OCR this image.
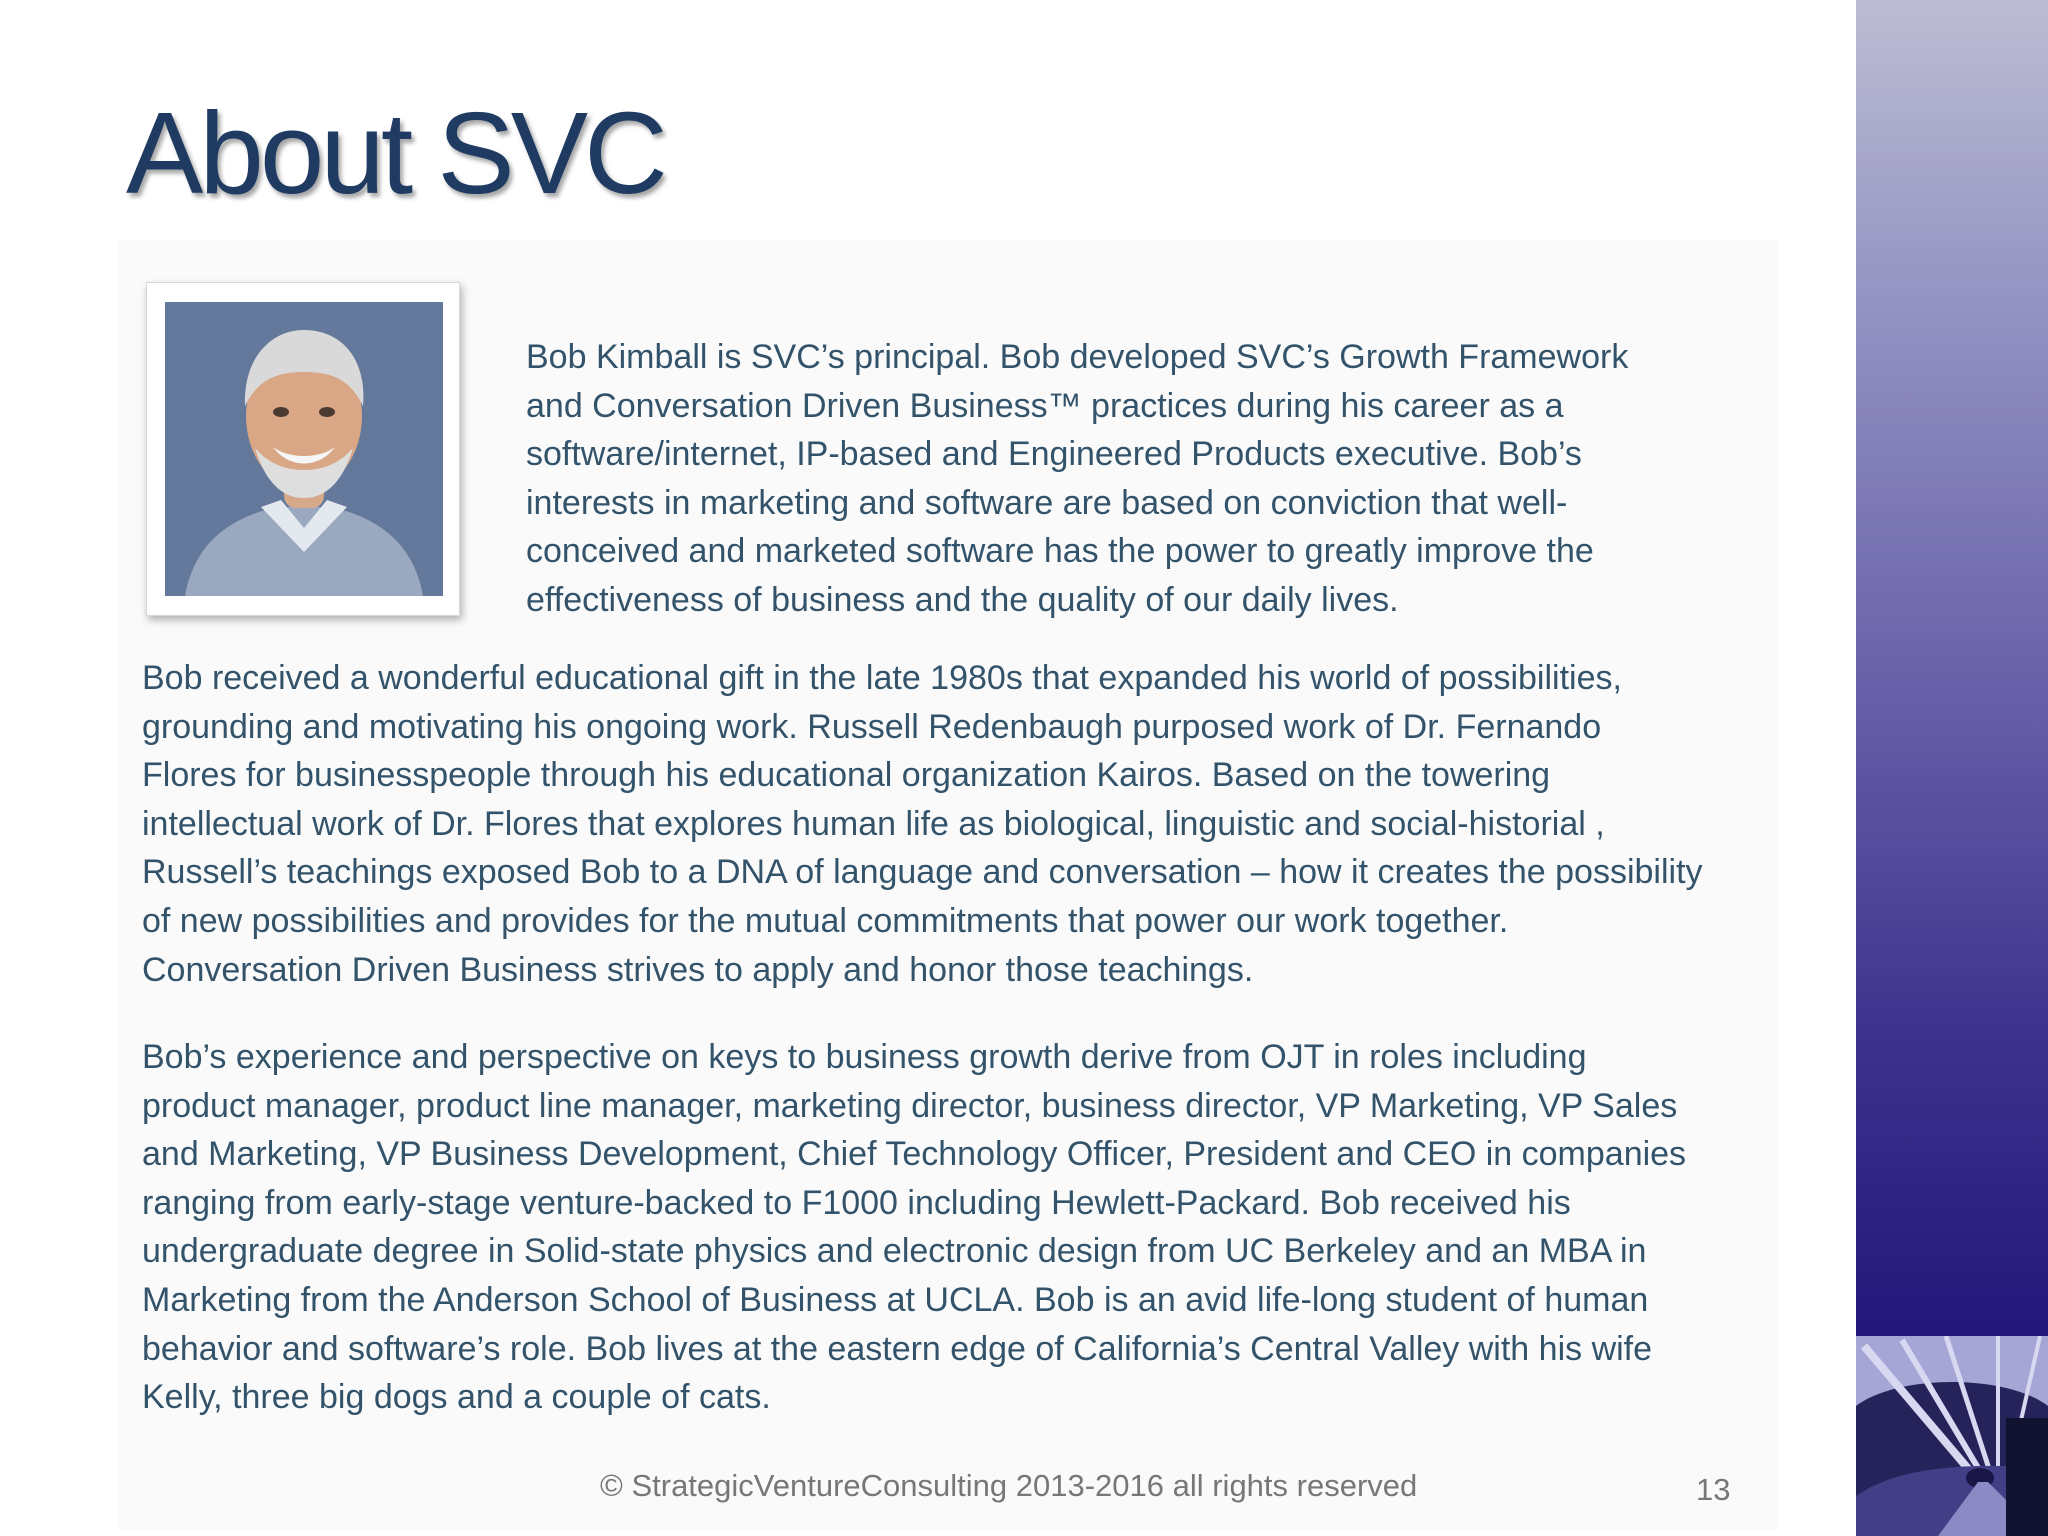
About SVC

Bob Kimball is SVC’s principal. Bob developed SVC’s Growth Framework
and Conversation Driven Business™ practices during his career as a
software/internet, IP-based and Engineered Products executive. Bob’s
interests in marketing and software are based on conviction that well-
conceived and marketed software has the power to greatly improve the
effectiveness of business and the quality of our daily lives.

Bob received a wonderful educational gift in the late 1980s that expanded his world of possibilities,
grounding and motivating his ongoing work. Russell Redenbaugh purposed work of Dr. Fernando
Flores for businesspeople through his educational organization Kairos. Based on the towering
intellectual work of Dr. Flores that explores human life as biological, linguistic and social-historial ,
Russell’s teachings exposed Bob to a DNA of language and conversation – how it creates the possibility
of new possibilities and provides for the mutual commitments that power our work together.
Conversation Driven Business strives to apply and honor those teachings.

Bob’s experience and perspective on keys to business growth derive from OJT in roles including
product manager, product line manager, marketing director, business director, VP Marketing, VP Sales
and Marketing, VP Business Development, Chief Technology Officer, President and CEO in companies
ranging from early-stage venture-backed to F1000 including Hewlett-Packard. Bob received his
undergraduate degree in Solid-state physics and electronic design from UC Berkeley and an MBA in
Marketing from the Anderson School of Business at UCLA. Bob is an avid life-long student of human
behavior and software’s role. Bob lives at the eastern edge of California’s Central Valley with his wife
Kelly, three big dogs and a couple of cats.

© StrategicVentureConsulting 2013-2016 all rights reserved	13
